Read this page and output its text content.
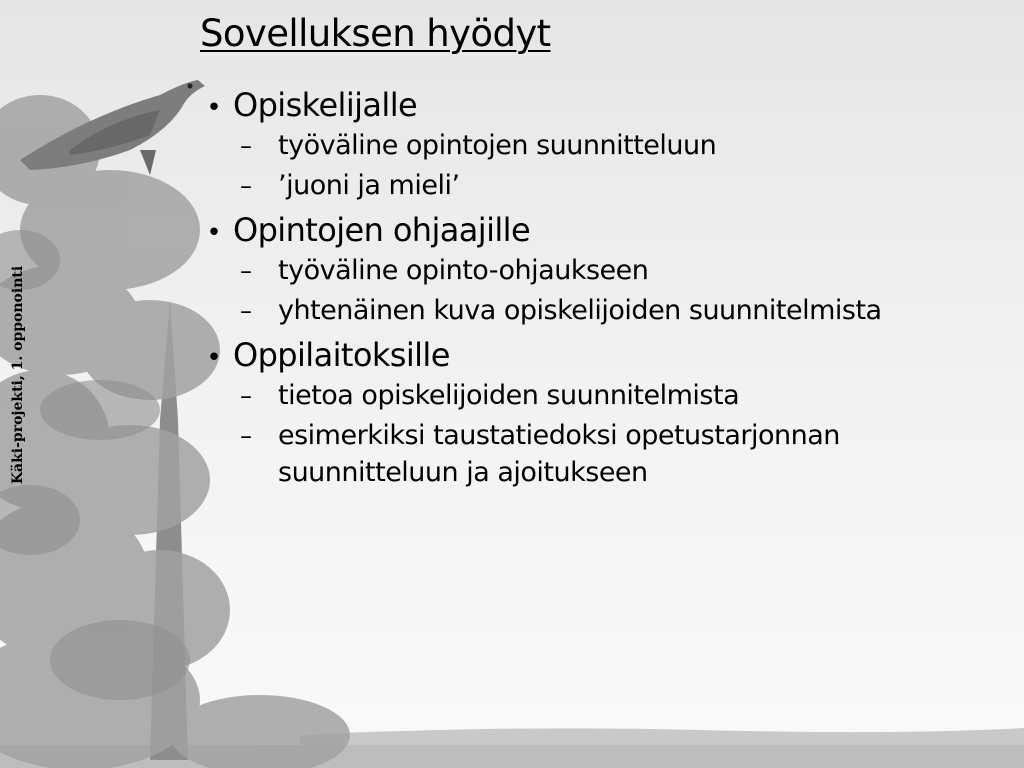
Käki-projekti, 1. opponointi
Sovelluksen hyödyt
• Opiskelijalle
– työväline opintojen suunnitteluun
– ’juoni ja mieli’
• Opintojen ohjaajille
– työväline opinto-ohjaukseen
– yhtenäinen kuva opiskelijoiden suunnitelmista
• Oppilaitoksille
– tietoa opiskelijoiden suunnitelmista
– esimerkiksi taustatiedoksi opetustarjonnan suunnitteluun ja ajoitukseen
